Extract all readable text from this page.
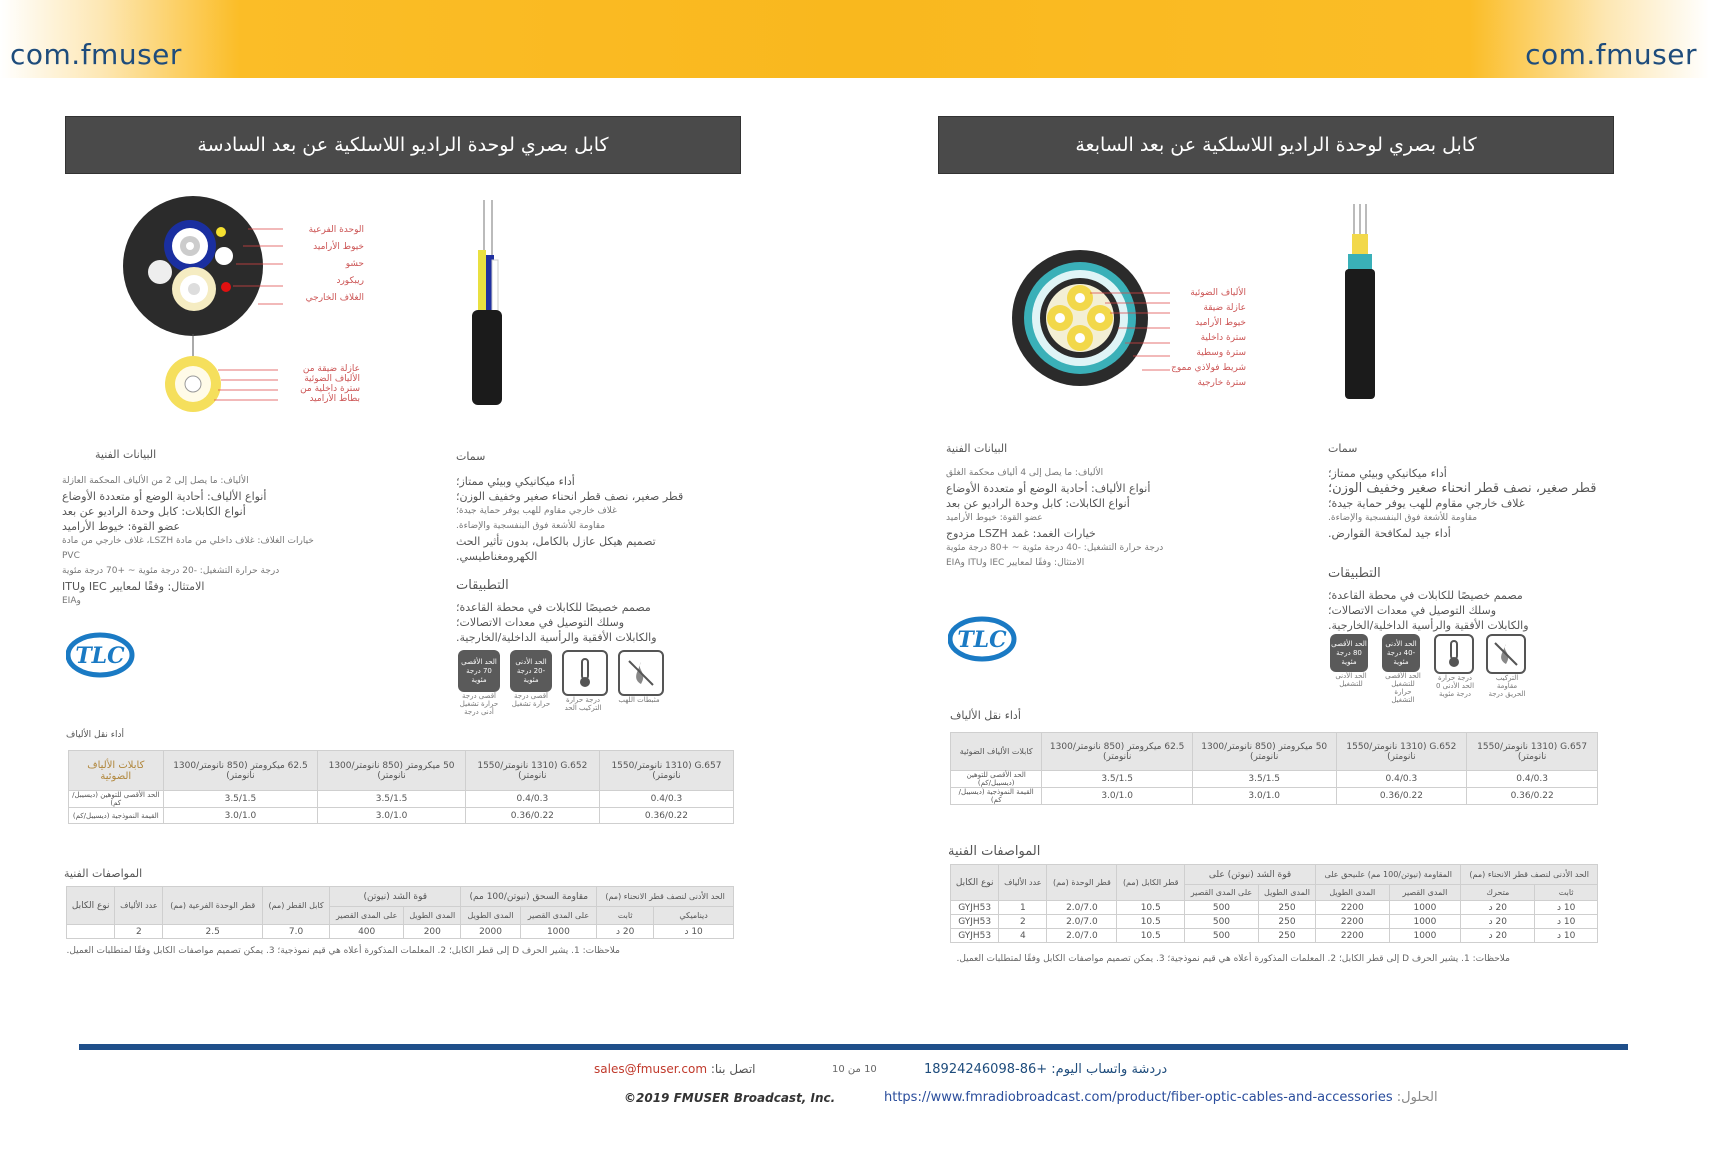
com.fmuser	com.fmuser
كابل بصري لوحدة الراديو اللاسلكية عن بعد السادسة
الوحدة الفرعية
خيوط الأراميد
حشو
ريبكورد
الغلاف الخارجي
عازلة ضيقة من
الألياف الضوئية
سترة داخلية من
بطاط الأراميد
البيانات الفنية
الألياف: ما يصل إلى 2 من الألياف المحكمة العازلة
أنواع الألياف: أحادية الوضع أو متعددة الأوضاع
أنواع الكابلات: كابل وحدة الراديو عن بعد
عضو القوة: خيوط الأراميد
خيارات الغلاف: غلاف داخلي من مادة LSZH، غلاف خارجي من مادة PVC
درجة حرارة التشغيل: -20 درجة مئوية ~ +70 درجة مئوية
الامتثال: وفقًا لمعايير IEC وITU
وEIA
سمات
أداء ميكانيكي وبيئي ممتاز؛
قطر صغير، نصف قطر انحناء صغير وخفيف الوزن؛
غلاف خارجي مقاوم للهب يوفر حماية جيدة؛
مقاومة للأشعة فوق البنفسجية والإضاءة.
تصميم هيكل عازل بالكامل، بدون تأثير الحث الكهرومغناطيسي.
التطبيقات
مصمم خصيصًا للكابلات في محطة القاعدة؛
وسلك التوصيل في معدات الاتصالات؛
والكابلات الأفقية والرأسية الداخلية/الخارجية.
الحد الأقصى 70 درجة مئوية
أقصى درجة حرارة تشغيل أدنى درجة
الحد الأدنى -20 درجة مئوية
أقصى درجة حرارة تشغيل	درجة حرارة التركيب الحد
مثبطات اللهب
TLC
أداء نقل الألياف
G.657 (1310 نانومتر/1550 نانومتر)	G.652 (1310 نانومتر/1550 نانومتر)	50 ميكرومتر (850 نانومتر/1300 نانومتر)	62.5 ميكرومتر (850 نانومتر/1300 نانومتر)	كابلات الألياف الضوئية
0.4/0.3	0.4/0.3	3.5/1.5	3.5/1.5	الحد الأقصى للتوهين (ديسيبل/كم)
0.36/0.22	0.36/0.22	3.0/1.0	3.0/1.0	القيمة النموذجية (ديسيبل/كم)
المواصفات الفنية
الحد الأدنى لنصف قطر الانحناء (مم)		مقاومة السحق (نيوتن/100 مم)		قوة الشد (نيوتن)		كابل القطر (مم)	قطر الوحدة الفرعية (مم)	عدد الألياف	نوع الكابل
ديناميكي	ثابت	على المدى القصير	المدى الطويل	المدى الطويل	على المدى القصير				
10 د	20 د	1000	2000	200	400	7.0	2.5	2	
ملاحظات: 1. يشير الحرف D إلى قطر الكابل؛ 2. المعلمات المذكورة أعلاه هي قيم نموذجية؛ 3. يمكن تصميم مواصفات الكابل وفقًا لمتطلبات العميل.
كابل بصري لوحدة الراديو اللاسلكية عن بعد السابعة
الألياف الضوئية
عازلة ضيقة
خيوط الأراميد
سترة داخلية
سترة وسطية
شريط فولاذي مموج
سترة خارجية
البيانات الفنية
الألياف: ما يصل إلى 4 ألياف محكمة الغلق
أنواع الألياف: أحادية الوضع أو متعددة الأوضاع
أنواع الكابلات: كابل وحدة الراديو عن بعد
عضو القوة: خيوط الأراميد
خيارات الغمد: غمد LSZH مزدوج
درجة حرارة التشغيل: -40 درجة مئوية ~ +80 درجة مئوية
الامتثال: وفقًا لمعايير IEC وITU وEIA
سمات
أداء ميكانيكي وبيئي ممتاز؛
قطر صغير، نصف قطر انحناء صغير وخفيف الوزن؛
غلاف خارجي مقاوم للهب يوفر حماية جيدة؛
مقاومة للأشعة فوق البنفسجية والإضاءة.
أداء جيد لمكافحة القوارض.
التطبيقات
مصمم خصيصًا للكابلات في محطة القاعدة؛
وسلك التوصيل في معدات الاتصالات؛
والكابلات الأفقية والرأسية الداخلية/الخارجية.
الحد الأقصى 80 درجة مئوية
الحد الأدنى للتشغيل
الحد الأدنى -40 درجة مئوية
الحد الأقصى للتشغيل حرارة التشغيل
درجة حرارة الحد الأدنى 0 درجة مئوية
التركيب مقاومة الحريق درجة
TLC
أداء نقل الألياف
G.657 (1310 نانومتر/1550 نانومتر)	G.652 (1310 نانومتر/1550 نانومتر)	50 ميكرومتر (850 نانومتر/1300 نانومتر)	62.5 ميكرومتر (850 نانومتر/1300 نانومتر)	كابلات الألياف الضوئية
0.4/0.3	0.4/0.3	3.5/1.5	3.5/1.5	الحد الأقصى للتوهين (ديسيبل/كم)
0.36/0.22	0.36/0.22	3.0/1.0	3.0/1.0	القيمة النموذجية (ديسيبل/كم)
المواصفات الفنية
الحد الأدنى لنصف قطر الانحناء (مم)		المقاومة (نيوتن/100 مم) علىيحق على		قوة الشد (نيوتن) على		قطر الكابل (مم)	قطر الوحدة (مم)	عدد الألياف	نوع الكابل
ثابت	متحرك	المدى القصير	المدى الطويل	المدى الطويل	على المدى القصير				
10 د	20 د	1000	2200	250	500	10.5	2.0/7.0	1	GYJH53
10 د	20 د	1000	2200	250	500	10.5	2.0/7.0	2	GYJH53
10 د	20 د	1000	2200	250	500	10.5	2.0/7.0	4	GYJH53
ملاحظات: 1. يشير الحرف D إلى قطر الكابل؛ 2. المعلمات المذكورة أعلاه هي قيم نموذجية؛ 3. يمكن تصميم مواصفات الكابل وفقًا لمتطلبات العميل.
اتصل بنا: sales@fmuser.com	10 من 10	دردشة واتساب اليوم: +86-18924246098
©2019 FMUSER Broadcast, Inc.	الحلول: https://www.fmradiobroadcast.com/product/fiber-optic-cables-and-accessories
